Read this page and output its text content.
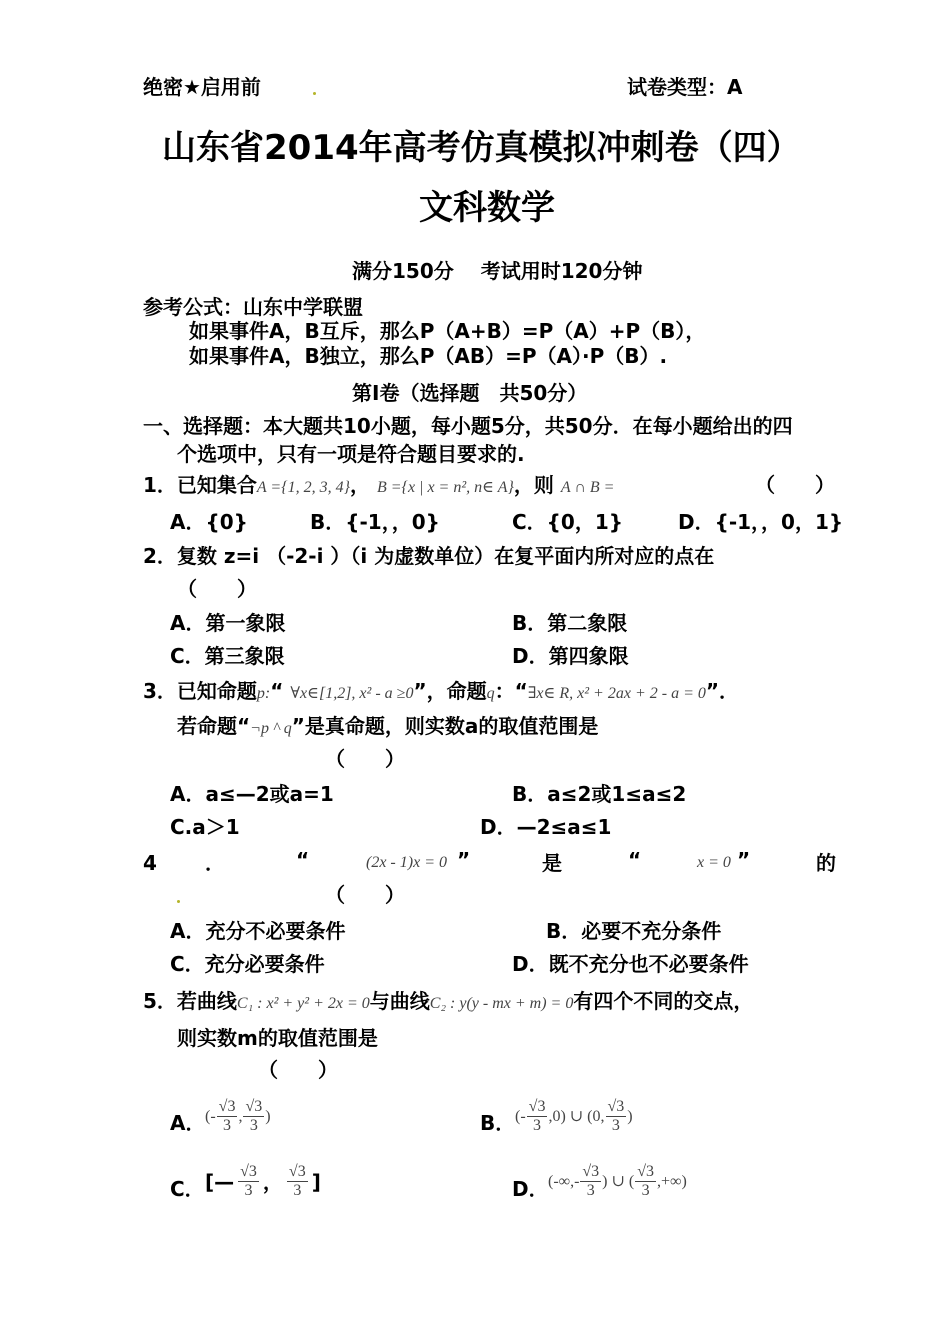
绝密★启用前	试卷类型：A
山东省2014年高考仿真模拟冲刺卷（四）
文科数学
满分150分　 考试用时120分钟
参考公式：山东中学联盟
如果事件A，B互斥，那么P（A+B）=P（A）+P（B），
如果事件A，B独立，那么P（AB）=P（A）·P（B）.
第Ⅰ卷（选择题　共50分）
一、选择题：本大题共10小题，每小题5分，共50分．在每小题给出的四
个选项中，只有一项是符合题目要求的.
1．已知集合A ={1, 2, 3, 4}， B ={x | x = n², n∈ A}，则 A ∩ B =	（　　）
A．{0}	B．{-1，，0}	C．{0，1}	D．{-1，，0，1}
2．复数 z=i （-2-i ）（i 为虚数单位）在复平面内所对应的点在
（　　）
A．第一象限	B．第二象限
C．第三象限	D．第四象限
3．已知命题p:“ ∀x∈[1,2], x² - a ≥0”，命题q：“∃x∈ R, x² + 2ax + 2 - a = 0”．
若命题“¬p ^ q”是真命题，则实数a的取值范围是
（　　）
A．a≤—2或a=1	B．a≤2或1≤a≤2
C.a＞1	D．—2≤a≤1
4 ．	“	(2x - 1)x = 0 ”	是	“	x = 0 ”	的
（　　）
A．充分不必要条件	B．必要不充分条件
C．充分必要条件	D．既不充分也不必要条件
5．若曲线C₁ : x² + y² + 2x = 0与曲线C₂ : y(y - mx + m) = 0有四个不同的交点，
则实数m的取值范围是
（　　）
A． (- $\frac{√3}{3}$ , $\frac{√3}{3}$ )	B． (- $\frac{√3}{3} ,0$) ∪ (0, $\frac{√3}{3}$ )
C． [— $\frac{√3}{3}$ ， $\frac{√3}{3}$ ]	D． (-∞,- $\frac{√3}{3}$ ) ∪ ( $\frac{√3}{3}$ ,+∞)
